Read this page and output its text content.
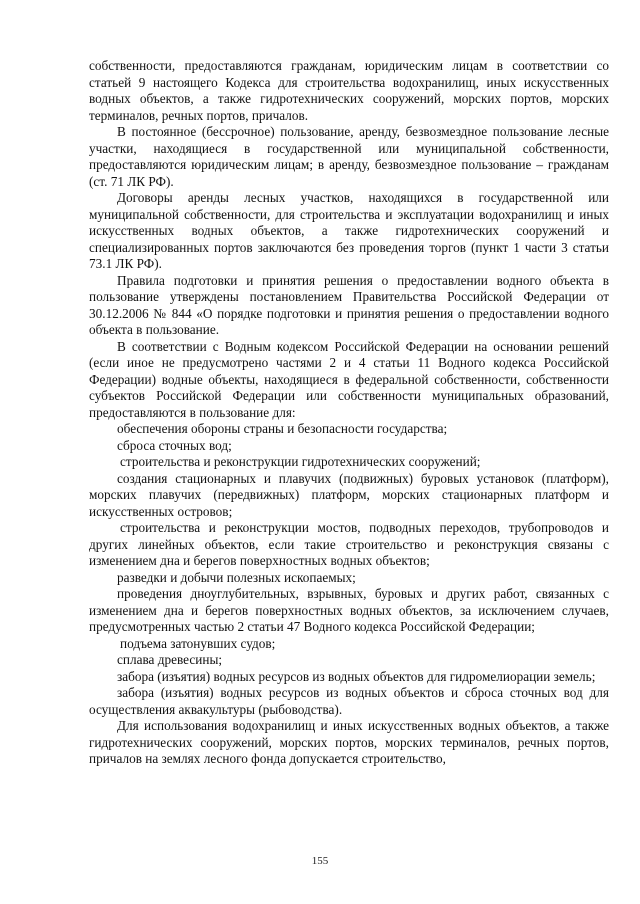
собственности, предоставляются гражданам, юридическим лицам в соответствии со статьей 9 настоящего Кодекса для строительства водохранилищ, иных искусственных водных объектов, а также гидротехнических сооружений, морских портов, морских терминалов, речных портов, причалов.

В постоянное (бессрочное) пользование, аренду, безвозмездное пользование лесные участки, находящиеся в государственной или муниципальной собственности, предоставляются юридическим лицам; в аренду, безвозмездное пользование – гражданам (ст. 71 ЛК РФ).

Договоры аренды лесных участков, находящихся в государственной или муниципальной собственности, для строительства и эксплуатации водохранилищ и иных искусственных водных объектов, а также гидротехнических сооружений и специализированных портов заключаются без проведения торгов (пункт 1 части 3 статьи 73.1 ЛК РФ).

Правила подготовки и принятия решения о предоставлении водного объекта в пользование утверждены постановлением Правительства Российской Федерации от 30.12.2006 № 844 «О порядке подготовки и принятия решения о предоставлении водного объекта в пользование.

В соответствии с Водным кодексом Российской Федерации на основании решений (если иное не предусмотрено частями 2 и 4 статьи 11 Водного кодекса Российской Федерации) водные объекты, находящиеся в федеральной собственности, собственности субъектов Российской Федерации или собственности муниципальных образований, предоставляются в пользование для:

обеспечения обороны страны и безопасности государства;

сброса сточных вод;

строительства и реконструкции гидротехнических сооружений;

создания стационарных и плавучих (подвижных) буровых установок (платформ), морских плавучих (передвижных) платформ, морских стационарных платформ и искусственных островов;

строительства и реконструкции мостов, подводных переходов, трубопроводов и других линейных объектов, если такие строительство и реконструкция связаны с изменением дна и берегов поверхностных водных объектов;

разведки и добычи полезных ископаемых;

проведения дноуглубительных, взрывных, буровых и других работ, связанных с изменением дна и берегов поверхностных водных объектов, за исключением случаев, предусмотренных частью 2 статьи 47 Водного кодекса Российской Федерации;

подъема затонувших судов;

сплава древесины;

забора (изъятия) водных ресурсов из водных объектов для гидромелиорации земель;

забора (изъятия) водных ресурсов из водных объектов и сброса сточных вод для осуществления аквакультуры (рыбоводства).

Для использования водохранилищ и иных искусственных водных объектов, а также гидротехнических сооружений, морских портов, морских терминалов, речных портов, причалов на землях лесного фонда допускается строительство,

155
